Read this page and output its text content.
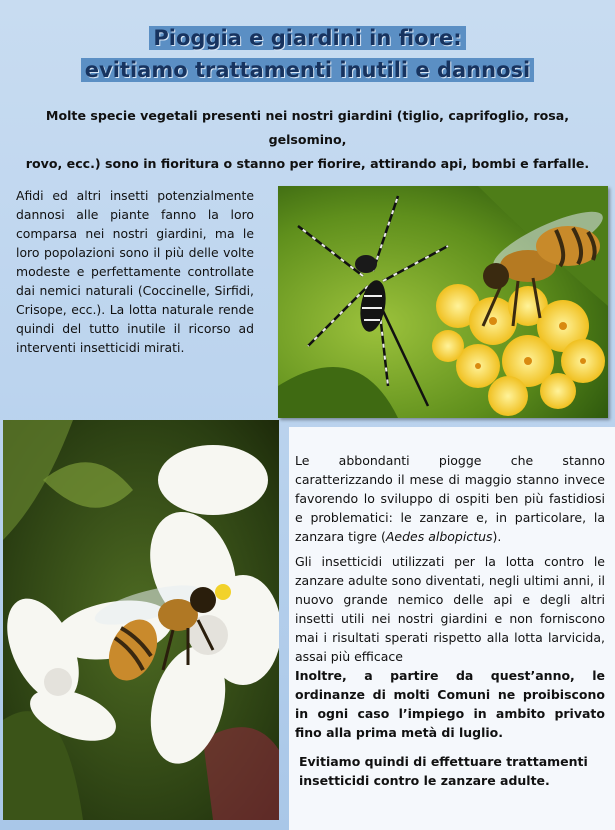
Pioggia e giardini in fiore:
evitiamo trattamenti inutili e dannosi
Molte specie vegetali presenti nei nostri giardini (tiglio, caprifoglio, rosa, gelsomino,
rovo, ecc.) sono in fioritura o stanno per fiorire, attirando api, bombi e farfalle.

Afidi ed altri insetti potenzialmente dannosi alle piante fanno la loro comparsa nei nostri giardini, ma le loro popolazioni sono il più delle volte modeste e perfettamente controllate dai nemici naturali (Coccinelle, Sirfidi, Crisope, ecc.). La lotta naturale rende quindi del tutto inutile il ricorso ad interventi insetticidi mirati.

Le abbondanti piogge che stanno caratterizzando il mese di maggio stanno invece favorendo lo sviluppo di ospiti ben più fastidiosi e problematici: le zanzare e, in particolare, la zanzara tigre (Aedes albopictus).

Gli insetticidi utilizzati per la lotta contro le zanzare adulte sono diventati, negli ultimi anni, il nuovo grande nemico delle api e degli altri insetti utili nei nostri giardini e non forniscono mai i risultati sperati rispetto alla lotta larvicida, assai più efficace

Inoltre, a partire da quest’anno, le ordinanze di molti Comuni ne proibiscono in ogni caso l’impiego in ambito privato fino alla prima metà di luglio.

Evitiamo quindi di effettuare trattamenti insetticidi contro le zanzare adulte.
